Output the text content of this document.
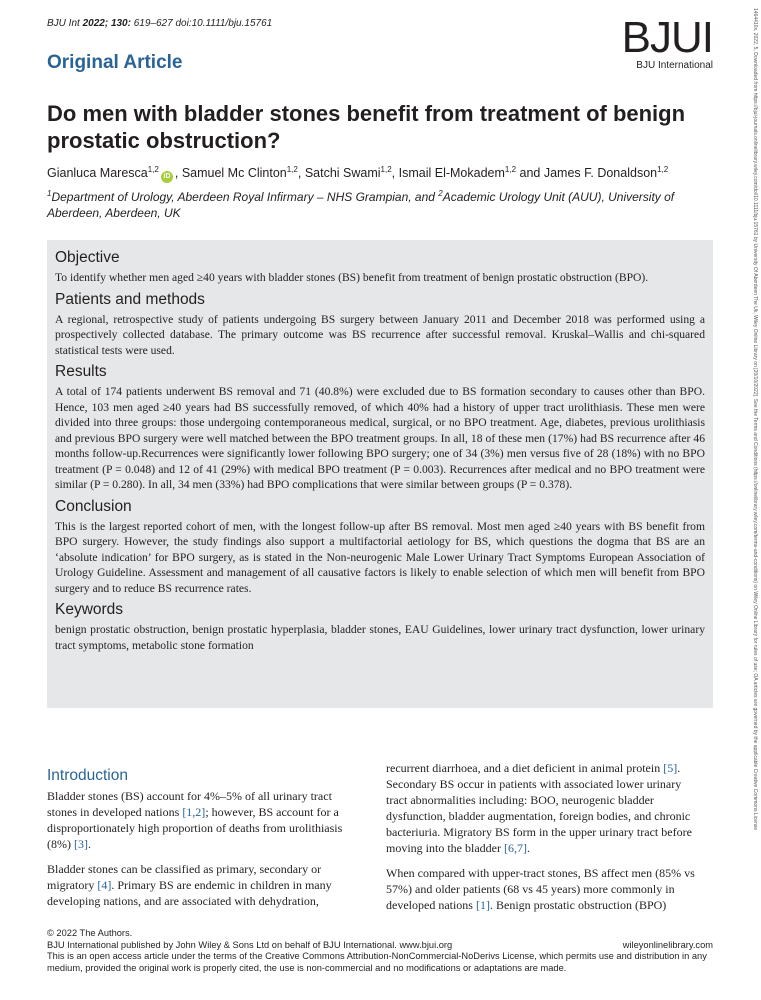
BJU Int 2022; 130: 619–627 doi:10.1111/bju.15761	BJUI
BJU International
Original Article
Do men with bladder stones benefit from treatment of benign prostatic obstruction?
Gianluca Maresca$^{1,2}$iD , Samuel Mc Clinton$^{1,2}$, Satchi Swami$^{1,2}$, Ismail El-Mokadem$^{1,2}$ and James F. Donaldson$^{1,2}$
$^1$Department of Urology, Aberdeen Royal Infirmary – NHS Grampian, and $^2$Academic Urology Unit (AUU), University of Aberdeen, Aberdeen, UK
Objective

To identify whether men aged ≥40 years with bladder stones (BS) benefit from treatment of benign prostatic obstruction (BPO).

Patients and methods

A regional, retrospective study of patients undergoing BS surgery between January 2011 and December 2018 was performed using a prospectively collected database. The primary outcome was BS recurrence after successful removal. Kruskal–Wallis and chi-squared statistical tests were used.

Results

A total of 174 patients underwent BS removal and 71 (40.8%) were excluded due to BS formation secondary to causes other than BPO. Hence, 103 men aged ≥40 years had BS successfully removed, of which 40% had a history of upper tract urolithiasis. These men were divided into three groups: those undergoing contemporaneous medical, surgical, or no BPO treatment. Age, diabetes, previous urolithiasis and previous BPO surgery were well matched between the BPO treatment groups. In all, 18 of these men (17%) had BS recurrence after 46 months follow-up.Recurrences were significantly lower following BPO surgery; one of 34 (3%) men versus five of 28 (18%) with no BPO treatment (P = 0.048) and 12 of 41 (29%) with medical BPO treatment (P = 0.003). Recurrences after medical and no BPO treatment were similar (P = 0.280). In all, 34 men (33%) had BPO complications that were similar between groups (P = 0.378).

Conclusion

This is the largest reported cohort of men, with the longest follow-up after BS removal. Most men aged ≥40 years with BS benefit from BPO surgery. However, the study findings also support a multifactorial aetiology for BS, which questions the dogma that BS are an ‘absolute indication’ for BPO surgery, as is stated in the Non-neurogenic Male Lower Urinary Tract Symptoms European Association of Urology Guideline. Assessment and management of all causative factors is likely to enable selection of which men will benefit from BPO surgery and to reduce BS recurrence rates.

Keywords

benign prostatic obstruction, benign prostatic hyperplasia, bladder stones, EAU Guidelines, lower urinary tract dysfunction, lower urinary tract symptoms, metabolic stone formation

Introduction

Bladder stones (BS) account for 4%–5% of all urinary tract stones in developed nations [1,2]; however, BS account for a disproportionately high proportion of deaths from urolithiasis (8%) [3].

Bladder stones can be classified as primary, secondary or migratory [4]. Primary BS are endemic in children in many developing nations, and are associated with dehydration,

recurrent diarrhoea, and a diet deficient in animal protein [5]. Secondary BS occur in patients with associated lower urinary tract abnormalities including: BOO, neurogenic bladder dysfunction, bladder augmentation, foreign bodies, and chronic bacteriuria. Migratory BS form in the upper urinary tract before moving into the bladder [6,7].

When compared with upper-tract stones, BS affect men (85% vs 57%) and older patients (68 vs 45 years) more commonly in developed nations [1]. Benign prostatic obstruction (BPO)

© 2022 The Authors.
BJU International published by John Wiley & Sons Ltd on behalf of BJU International. www.bjui.org	wileyonlinelibrary.com
This is an open access article under the terms of the Creative Commons Attribution-NonCommercial-NoDerivs License, which permits use and distribution in any medium, provided the original work is properly cited, the use is non-commercial and no modifications or adaptations are made.
1464410x, 2022, 5, Downloaded from https://bjui-journals.onlinelibrary.wiley.com/doi/10.1111/bju.15761 by University Of Aberdeen The Uk, Wiley Online Library on [20/10/2022]. See the Terms and Conditions (https://onlinelibrary.wiley.com/terms-and-conditions) on Wiley Online Library for rules of use; OA articles are governed by the applicable Creative Commons License
